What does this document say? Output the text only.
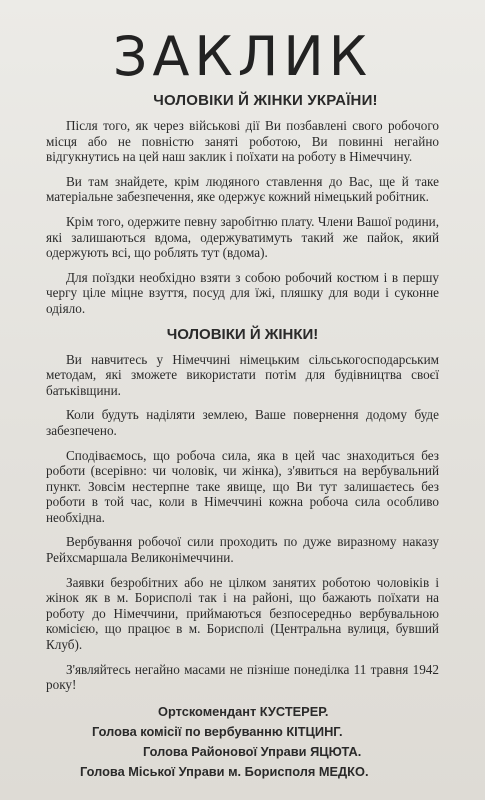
ЗАКЛИК
ЧОЛОВІКИ Й ЖІНКИ УКРАЇНИ!

Після того, як через військові дії Ви позбавлені свого робочого місця або не повністю заняті роботою, Ви повинні негайно відгукнутись на цей наш заклик і поїхати на роботу в Німеччину.

Ви там знайдете, крім людяного ставлення до Вас, ще й таке матеріальне забезпечення, яке одержує кожний німецький робітник.

Крім того, одержите певну заробітню плату. Члени Вашої родини, які залишаються вдома, одержуватимуть такий же пайок, який одержують всі, що роблять тут (вдома).

Для поїздки необхідно взяти з собою робочий костюм і в першу чергу ціле міцне взуття, посуд для їжі, пляшку для води і суконне одіяло.

ЧОЛОВІКИ Й ЖІНКИ!

Ви навчитесь у Німеччині німецьким сільськогосподарським методам, які зможете використати потім для будівництва своєї батьківщини.

Коли будуть наділяти землею, Ваше повернення додому буде забезпечено.

Сподіваємось, що робоча сила, яка в цей час знаходиться без роботи (всерівно: чи чоловік, чи жінка), з'явиться на вербувальний пункт. Зовсім нестерпне таке явище, що Ви тут залишаєтесь без роботи в той час, коли в Німеччині кожна робоча сила особливо необхідна.

Вербування робочої сили проходить по дуже виразному наказу Рейхсмаршала Великонімеччини.

Заявки безробітних або не цілком занятих роботою чоловіків і жінок як в м. Борисполі так і на районі, що бажають поїхати на роботу до Німеччини, приймаються безпосередньо вербувальною комісією, що працює в м. Борисполі (Центральна вулиця, бувший Клуб).

З'являйтесь негайно масами не пізніше понеділка 11 травня 1942 року!

Ортскомендант КУСТЕРЕР.

Голова комісії по вербуванню КІТЦИНГ.

Голова Районової Управи ЯЦЮТА.

Голова Міської Управи м. Борисполя МЕДКО.
